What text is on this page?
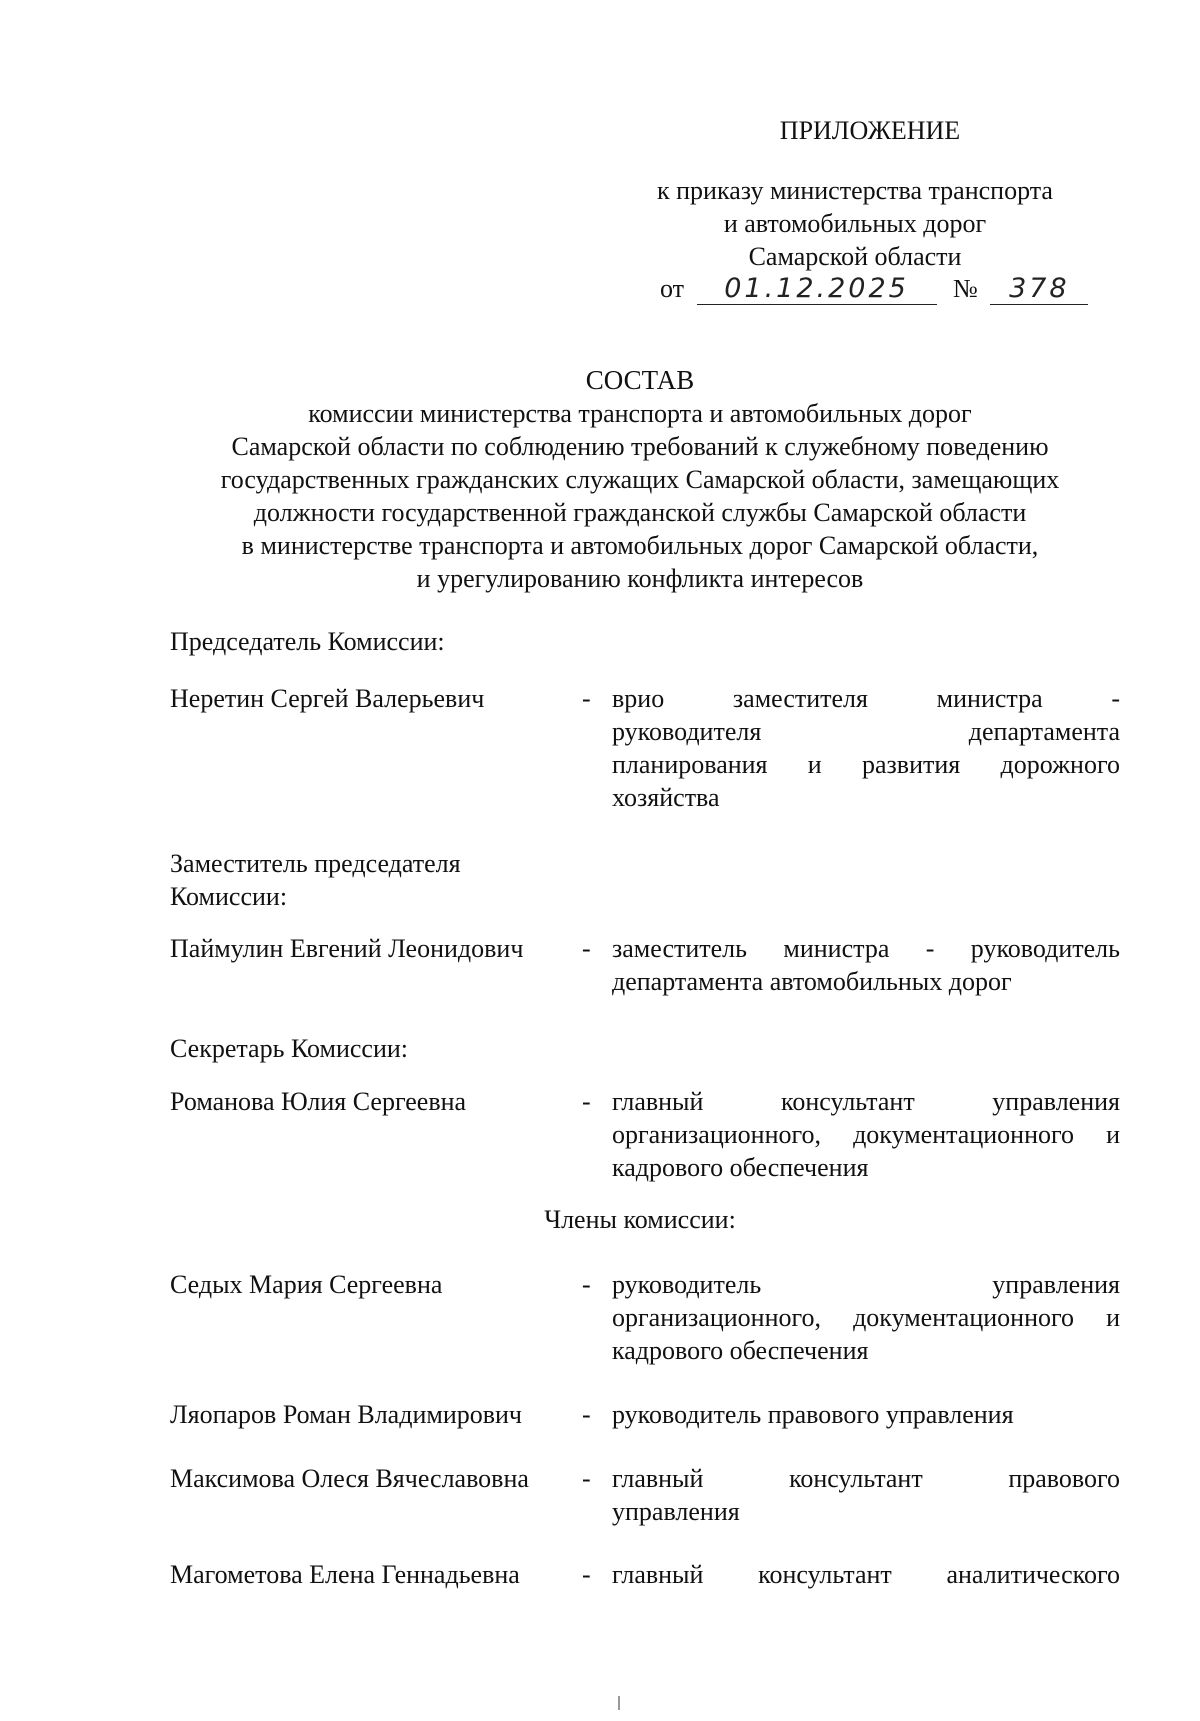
ПРИЛОЖЕНИЕ
к приказу министерства транспорта
и автомобильных дорог
Самарской области
от 01.12.2025 № 378
СОСТАВ
комиссии министерства транспорта и автомобильных дорог
Самарской области по соблюдению требований к служебному поведению
государственных гражданских служащих Самарской области, замещающих
должности государственной гражданской службы Самарской области
в министерстве транспорта и автомобильных дорог Самарской области,
и урегулированию конфликта интересов
Председатель Комиссии:
Неретин Сергей Валерьевич	- врио заместителя министра -
руководителя департамента
планирования и развития дорожного
хозяйства
Заместитель председателя
Комиссии:
Паймулин Евгений Леонидович	- заместитель министра - руководитель
департамента автомобильных дорог
Секретарь Комиссии:
Романова Юлия Сергеевна	- главный консультант управления
организационного, документационного и
кадрового обеспечения
Члены комиссии:
Седых Мария Сергеевна	- руководитель управления
организационного, документационного и
кадрового обеспечения
Ляопаров Роман Владимирович	- руководитель правового управления
Максимова Олеся Вячеславовна	- главный консультант правового
управления
Магометова Елена Геннадьевна	- главный консультант аналитического
